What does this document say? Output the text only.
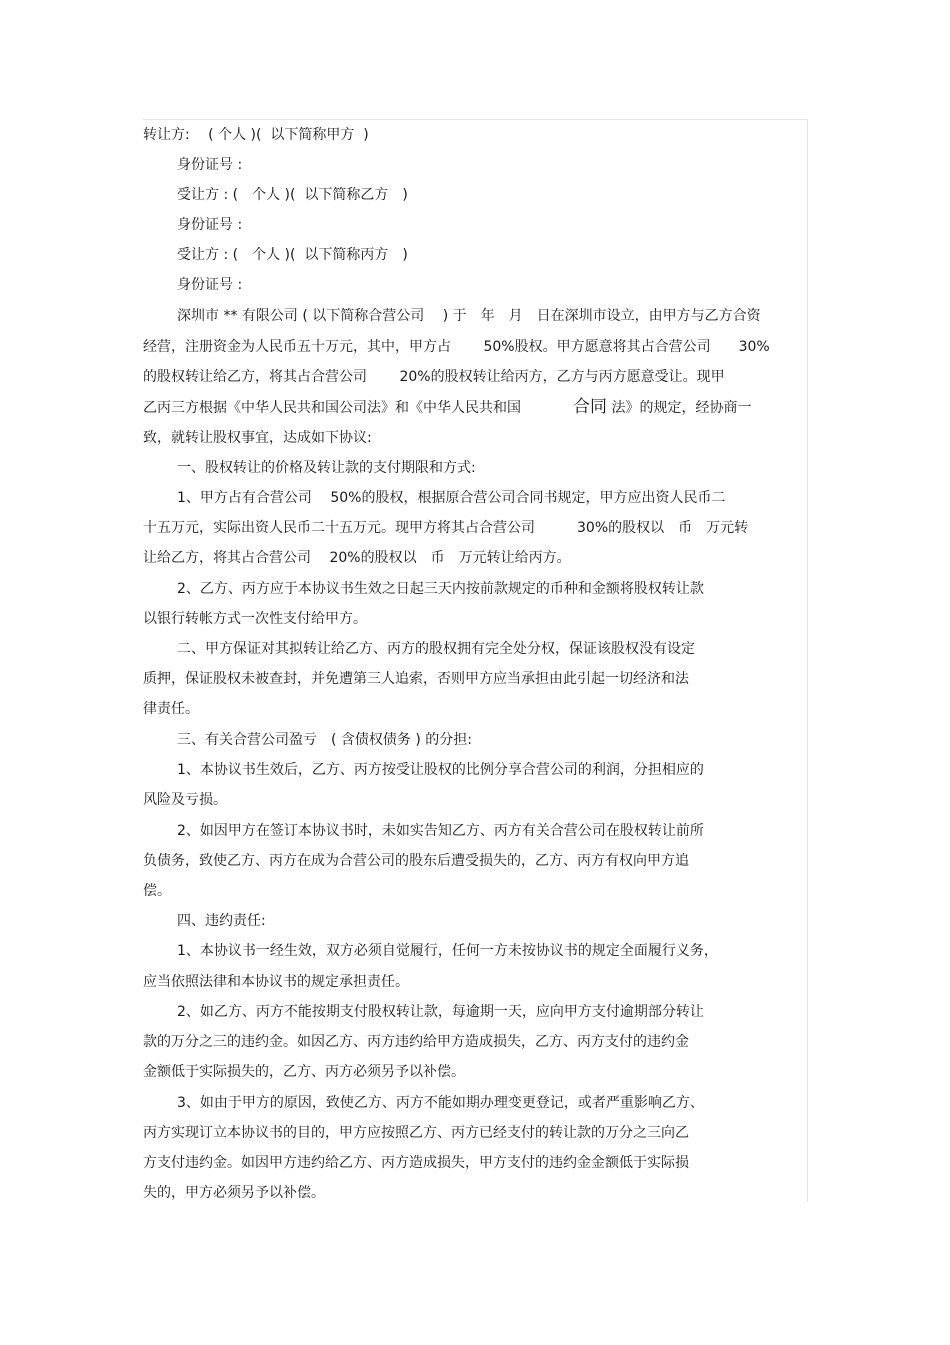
转让方:　 ( 个人 )(  以下简称甲方  )

身份证号 :

受让方 : (　个人 )(  以下简称乙方　)

身份证号 :

受让方 : (　个人 )(  以下简称丙方　)

身份证号 :

深圳市 ** 有限公司 ( 以下简称合营公司　 ) 于　年　月　日在深圳市设立，由甲方与乙方合资

经营，注册资金为人民币五十万元，其中，甲方占　　 50%股权。甲方愿意将其占合营公司　　30%

的股权转让给乙方，将其占合营公司　　 20%的股权转让给丙方，乙方与丙方愿意受让。现甲

乙丙三方根据《中华人民共和国公司法》和《中华人民共和国	合同 法》的规定，经协商一

致，就转让股权事宜，达成如下协议:

一、股权转让的价格及转让款的支付期限和方式:

1、甲方占有合营公司　 50%的股权，根据原合营公司合同书规定，甲方应出资人民币二

十五万元，实际出资人民币二十五万元。现甲方将其占合营公司　　　30%的股权以　币　万元转

让给乙方，将其占合营公司　 20%的股权以　币　万元转让给丙方。

2、乙方、丙方应于本协议书生效之日起三天内按前款规定的币种和金额将股权转让款

以银行转帐方式一次性支付给甲方。

二、甲方保证对其拟转让给乙方、丙方的股权拥有完全处分权，保证该股权没有设定

质押，保证股权未被查封，并免遭第三人追索，否则甲方应当承担由此引起一切经济和法

律责任。

三、有关合营公司盈亏　( 含债权债务 ) 的分担:

1、本协议书生效后，乙方、丙方按受让股权的比例分享合营公司的利润，分担相应的

风险及亏损。

2、如因甲方在签订本协议书时，未如实告知乙方、丙方有关合营公司在股权转让前所

负债务，致使乙方、丙方在成为合营公司的股东后遭受损失的，乙方、丙方有权向甲方追

偿。

四、违约责任:

1、本协议书一经生效，双方必须自觉履行，任何一方未按协议书的规定全面履行义务，

应当依照法律和本协议书的规定承担责任。

2、如乙方、丙方不能按期支付股权转让款，每逾期一天，应向甲方支付逾期部分转让

款的万分之三的违约金。如因乙方、丙方违约给甲方造成损失，乙方、丙方支付的违约金

金额低于实际损失的，乙方、丙方必须另予以补偿。

3、如由于甲方的原因，致使乙方、丙方不能如期办理变更登记，或者严重影响乙方、

丙方实现订立本协议书的目的，甲方应按照乙方、丙方已经支付的转让款的万分之三向乙

方支付违约金。如因甲方违约给乙方、丙方造成损失，甲方支付的违约金金额低于实际损

失的，甲方必须另予以补偿。
